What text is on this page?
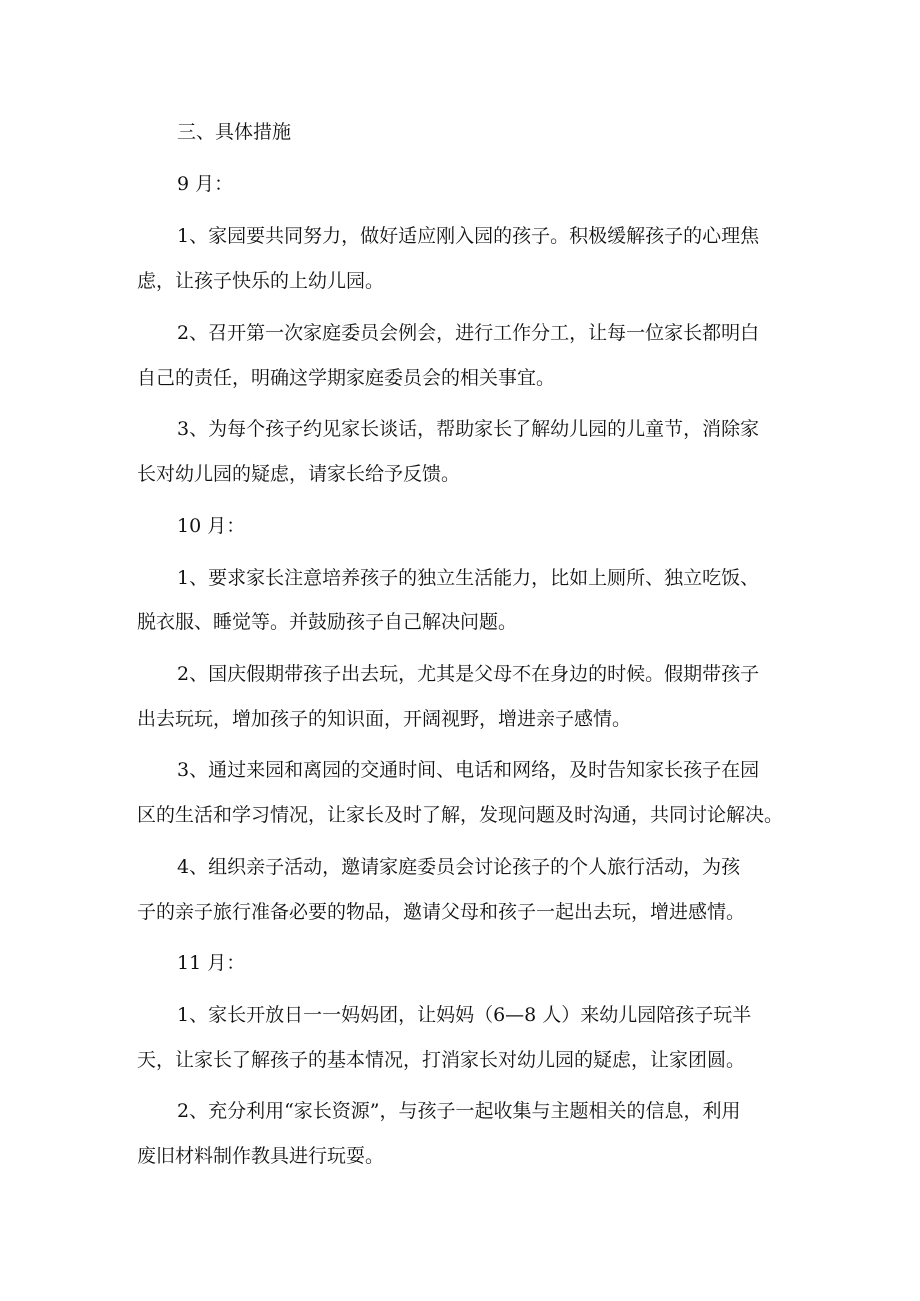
三、具体措施
9 月：
1、家园要共同努力，做好适应刚入园的孩子。积极缓解孩子的心理焦
虑，让孩子快乐的上幼儿园。
2、召开第一次家庭委员会例会，进行工作分工，让每一位家长都明白
自己的责任，明确这学期家庭委员会的相关事宜。
3、为每个孩子约见家长谈话，帮助家长了解幼儿园的儿童节，消除家
长对幼儿园的疑虑，请家长给予反馈。
10 月：
1、要求家长注意培养孩子的独立生活能力，比如上厕所、独立吃饭、
脱衣服、睡觉等。并鼓励孩子自己解决问题。
2、国庆假期带孩子出去玩，尤其是父母不在身边的时候。假期带孩子
出去玩玩，增加孩子的知识面，开阔视野，增进亲子感情。
3、通过来园和离园的交通时间、电话和网络，及时告知家长孩子在园
区的生活和学习情况，让家长及时了解，发现问题及时沟通，共同讨论解决。
4、组织亲子活动，邀请家庭委员会讨论孩子的个人旅行活动，为孩
子的亲子旅行准备必要的物品，邀请父母和孩子一起出去玩，增进感情。
11 月：
1、家长开放日一一妈妈团，让妈妈（6—8 人）来幼儿园陪孩子玩半
天，让家长了解孩子的基本情况，打消家长对幼儿园的疑虑，让家团圆。
2、充分利用“家长资源”，与孩子一起收集与主题相关的信息，利用
废旧材料制作教具进行玩耍。
